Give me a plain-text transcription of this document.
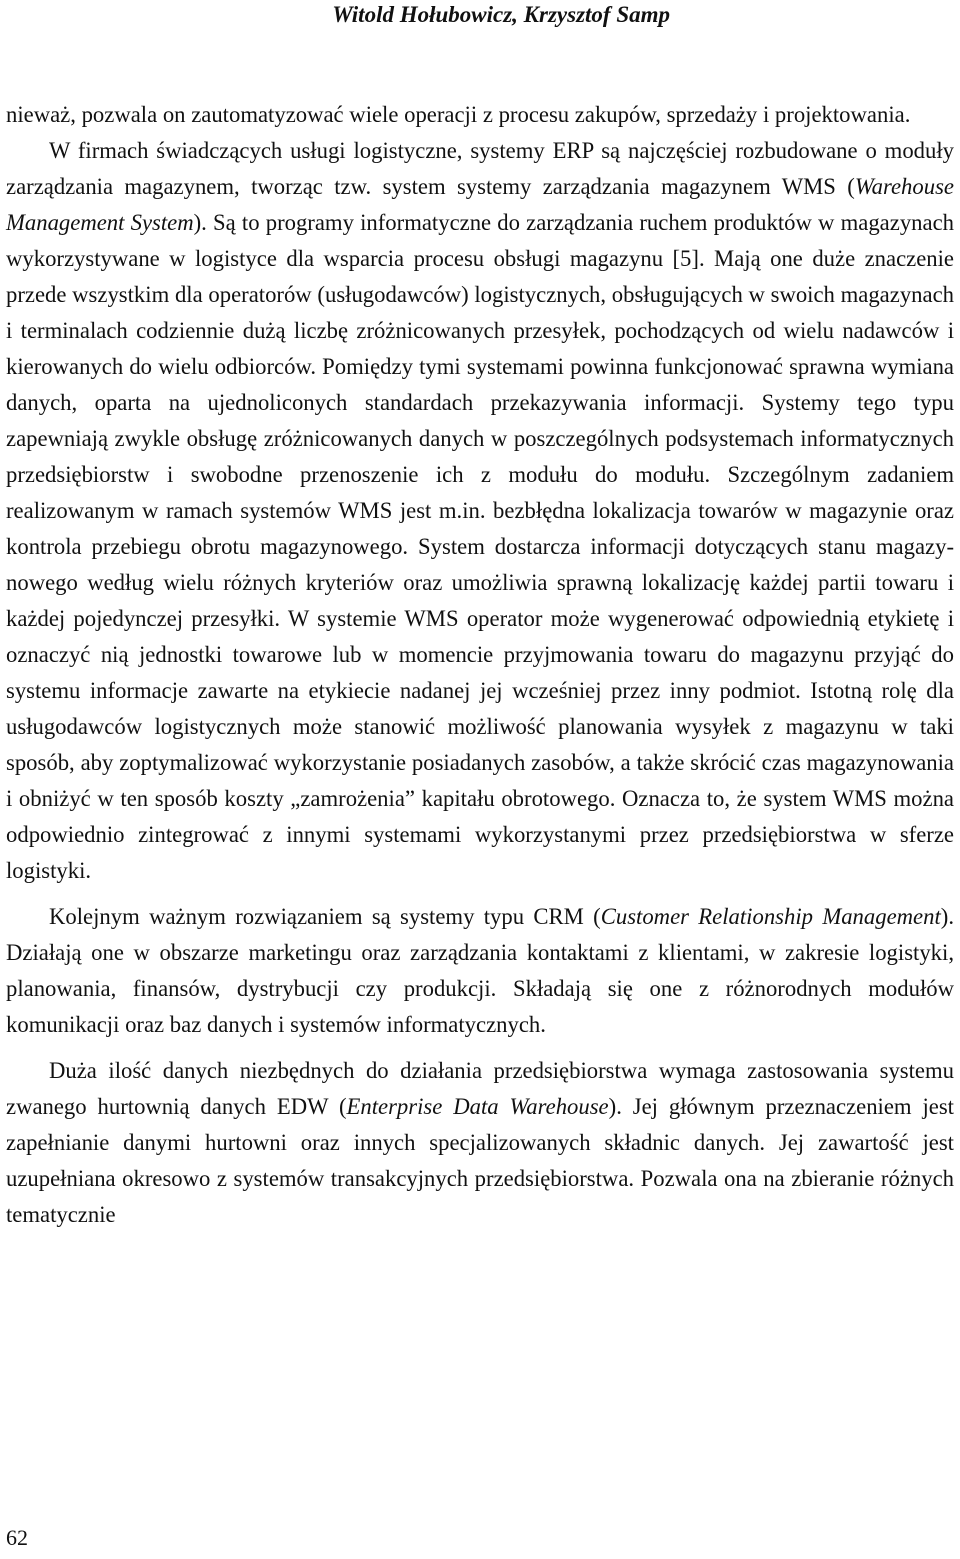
Witold Hołubowicz, Krzysztof Samp

nieważ, pozwala on zautomatyzować wiele operacji z procesu zakupów, sprzedaży i projektowania.

W firmach świadczących usługi logistyczne, systemy ERP są najczęściej rozbudowane o moduły zarządzania magazynem, tworząc tzw. system systemy zarządzania magazynem WMS (Warehouse Management System). Są to programy informatyczne do zarządzania ruchem produktów w magazynach wykorzystywane w logistyce dla wsparcia procesu obsługi magazynu [5]. Mają one duże znaczenie przede wszystkim dla operatorów (usługodawców) logistycznych, obsługujących w swoich magazynach i terminalach codziennie dużą liczbę zróżnicowanych przesyłek, pochodzących od wielu nadawców i kierowanych do wielu odbiorców. Pomiędzy tymi systemami powinna funkcjonować sprawna wymiana danych, oparta na ujednoliconych standardach przekazywania informacji. Systemy tego typu zapewniają zwykle obsługę zróżnicowanych danych w poszczególnych podsystemach informatycznych przedsiębiorstw i swobodne przenoszenie ich z modułu do modułu. Szczególnym zadaniem realizowanym w ramach systemów WMS jest m.in. bezbłędna lokalizacja towarów w magazynie oraz kontrola przebiegu obrotu magazynowego. System dostarcza informacji dotyczących stanu magazynowego według wielu różnych kryteriów oraz umożliwia sprawną lokalizację każdej partii towaru i każdej pojedynczej przesyłki. W systemie WMS operator może wygenerować odpowiednią etykietę i oznaczyć nią jednostki towarowe lub w momencie przyjmowania towaru do magazynu przyjąć do systemu informacje zawarte na etykiecie nadanej jej wcześniej przez inny podmiot. Istotną rolę dla usługodawców logistycznych może stanowić możliwość planowania wysyłek z magazynu w taki sposób, aby zoptymalizować wykorzystanie posiadanych zasobów, a także skrócić czas magazynowania i obniżyć w ten sposób koszty „zamrożenia” kapitału obrotowego. Oznacza to, że system WMS można odpowiednio zintegrować z innymi systemami wykorzystanymi przez przedsiębiorstwa w sferze logistyki.

Kolejnym ważnym rozwiązaniem są systemy typu CRM (Customer Relationship Management). Działają one w obszarze marketingu oraz zarządzania kontaktami z klientami, w zakresie logistyki, planowania, finansów, dystrybucji czy produkcji. Składają się one z różnorodnych modułów komunikacji oraz baz danych i systemów informatycznych.

Duża ilość danych niezbędnych do działania przedsiębiorstwa wymaga zastosowania systemu zwanego hurtownią danych EDW (Enterprise Data Warehouse). Jej głównym przeznaczeniem jest zapełnianie danymi hurtowni oraz innych specjalizowanych składnic danych. Jej zawartość jest uzupełniana okresowo z systemów transakcyjnych przedsiębiorstwa. Pozwala ona na zbieranie różnych tematycznie

62
